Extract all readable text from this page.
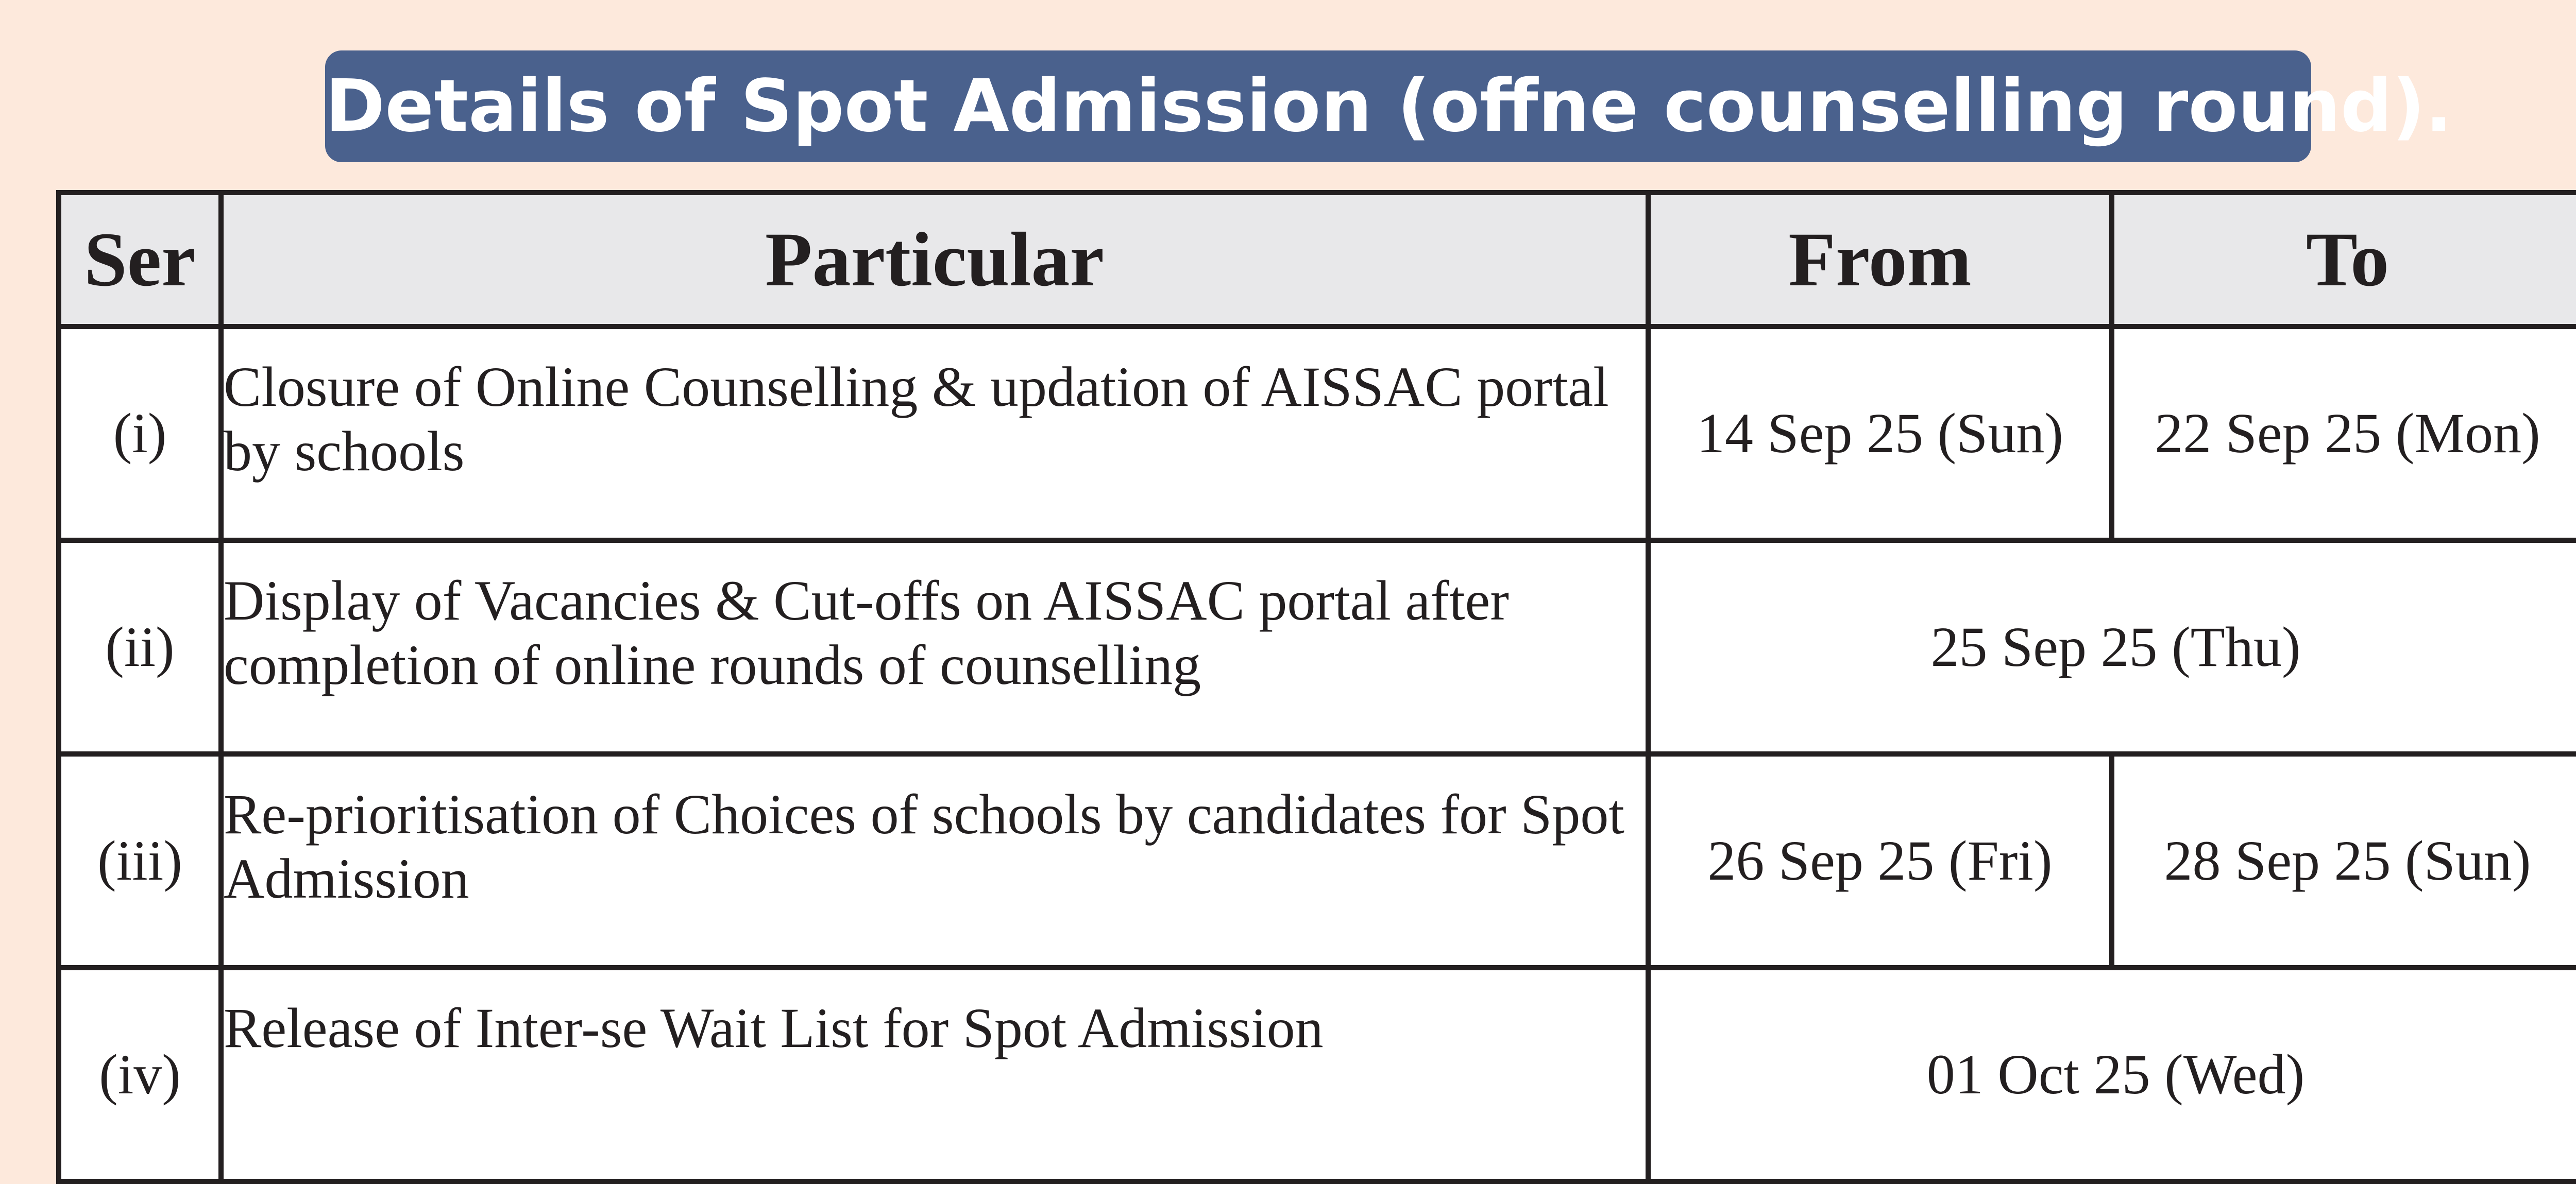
Details of Spot Admission (offne counselling round).
Ser	Particular	From	To
(i)	Closure of Online Counselling & updation of AISSAC portal by schools	14 Sep 25 (Sun)	22 Sep 25 (Mon)
(ii)	Display of Vacancies & Cut-offs on AISSAC portal after completion of online rounds of counselling	25 Sep 25 (Thu)	
(iii)	Re-prioritisation of Choices of schools by candidates for Spot Admission	26 Sep 25 (Fri)	28 Sep 25 (Sun)
(iv)	Release of Inter-se Wait List for Spot Admission	01 Oct 25 (Wed)	
